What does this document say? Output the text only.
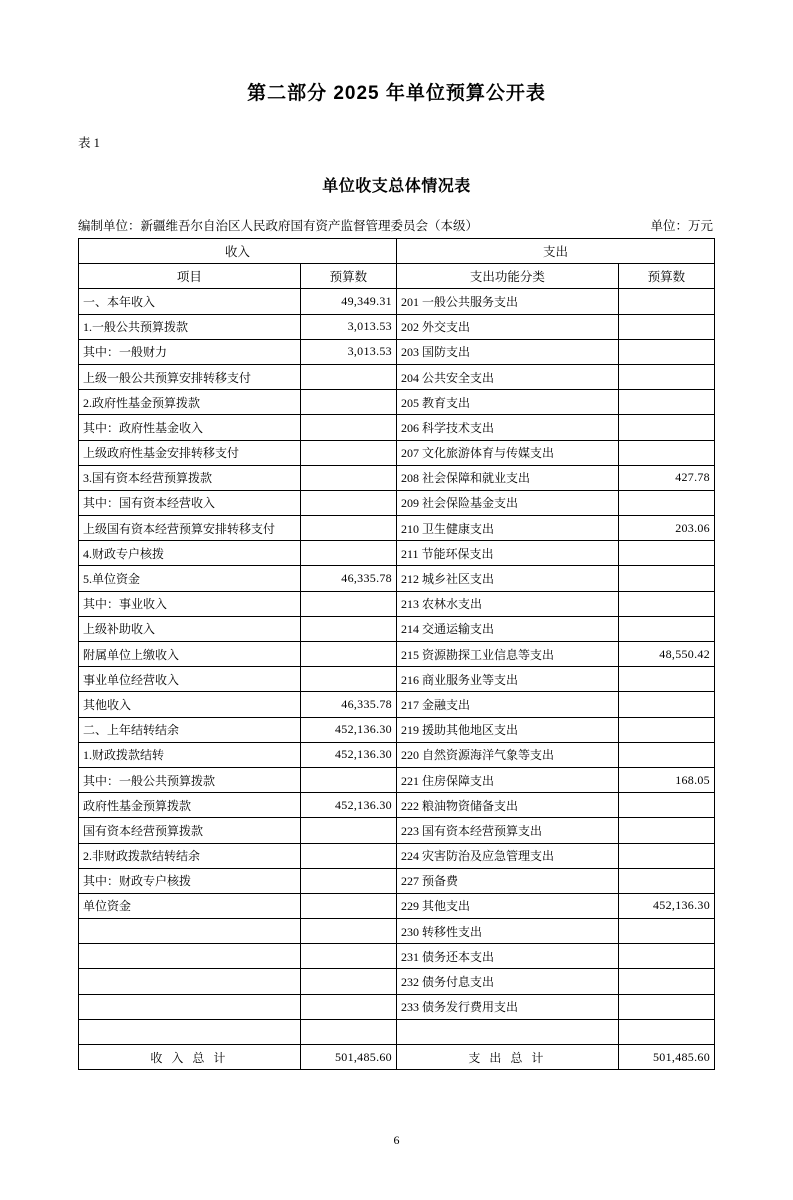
第二部分 2025 年单位预算公开表
表 1
单位收支总体情况表
编制单位：新疆维吾尔自治区人民政府国有资产监督管理委员会（本级）	单位：万元
收入		支出	
项目	预算数	支出功能分类	预算数
一、本年收入	49,349.31	201 一般公共服务支出	
1.一般公共预算拨款	3,013.53	202 外交支出	
其中：一般财力	3,013.53	203 国防支出	
上级一般公共预算安排转移支付		204 公共安全支出	
2.政府性基金预算拨款		205 教育支出	
其中：政府性基金收入		206 科学技术支出	
上级政府性基金安排转移支付		207 文化旅游体育与传媒支出	
3.国有资本经营预算拨款		208 社会保障和就业支出	427.78
其中：国有资本经营收入		209 社会保险基金支出	
上级国有资本经营预算安排转移支付		210 卫生健康支出	203.06
4.财政专户核拨		211 节能环保支出	
5.单位资金	46,335.78	212 城乡社区支出	
其中：事业收入		213 农林水支出	
上级补助收入		214 交通运输支出	
附属单位上缴收入		215 资源勘探工业信息等支出	48,550.42
事业单位经营收入		216 商业服务业等支出	
其他收入	46,335.78	217 金融支出	
二、上年结转结余	452,136.30	219 援助其他地区支出	
1.财政拨款结转	452,136.30	220 自然资源海洋气象等支出	
其中：一般公共预算拨款		221 住房保障支出	168.05
政府性基金预算拨款	452,136.30	222 粮油物资储备支出	
国有资本经营预算拨款		223 国有资本经营预算支出	
2.非财政拨款结转结余		224 灾害防治及应急管理支出	
其中：财政专户核拨		227 预备费	
单位资金		229 其他支出	452,136.30
		230 转移性支出	
		231 债务还本支出	
		232 债务付息支出	
		233 债务发行费用支出	

收 入 总 计	501,485.60	支 出 总 计	501,485.60
6
